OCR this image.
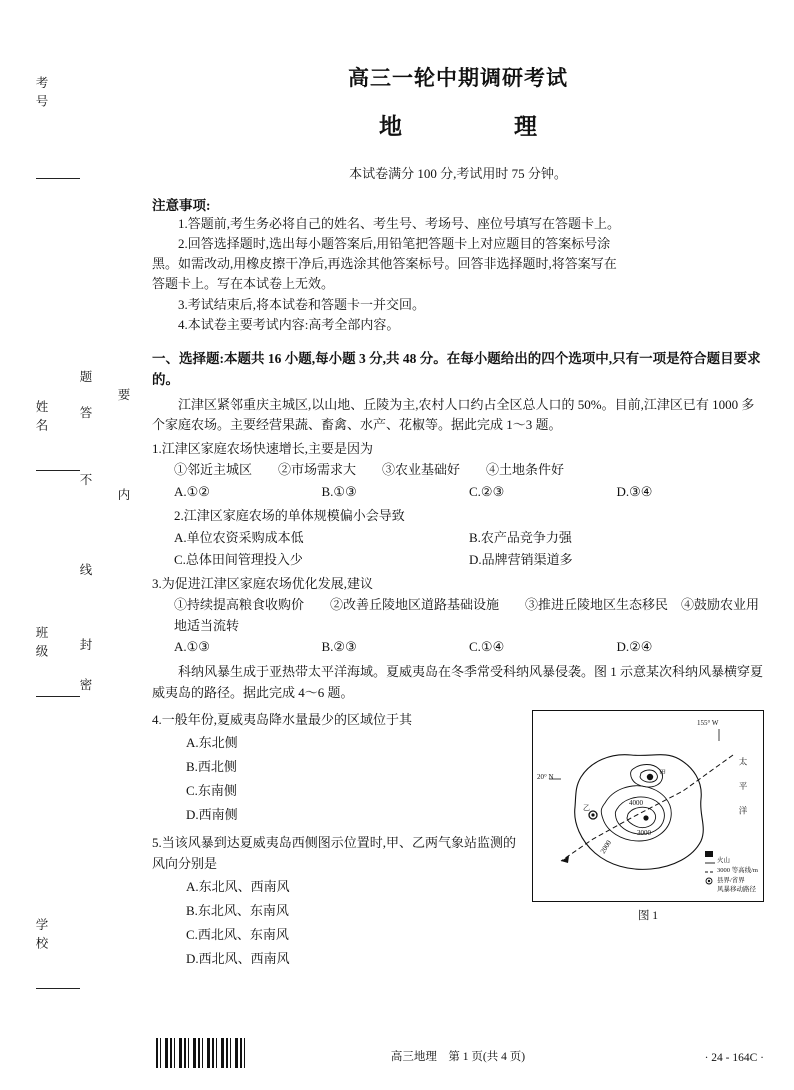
考号
姓名
班级
学校
题
答
不
线
封
密
要
内
高三一轮中期调研考试
地　　理
本试卷满分 100 分,考试用时 75 分钟。
注意事项:
1.答题前,考生务必将自己的姓名、考生号、考场号、座位号填写在答题卡上。
2.回答选择题时,选出每小题答案后,用铅笔把答题卡上对应题目的答案标号涂
黑。如需改动,用橡皮擦干净后,再选涂其他答案标号。回答非选择题时,将答案写在
答题卡上。写在本试卷上无效。
3.考试结束后,将本试卷和答题卡一并交回。
4.本试卷主要考试内容:高考全部内容。
一、选择题:本题共 16 小题,每小题 3 分,共 48 分。在每小题给出的四个选项中,只有一项是符合题目要求的。
江津区紧邻重庆主城区,以山地、丘陵为主,农村人口约占全区总人口的 50%。目前,江津区已有 1000 多个家庭农场。主要经营果蔬、畜禽、水产、花椒等。据此完成 1～3 题。
1.江津区家庭农场快速增长,主要是因为
①邻近主城区　　②市场需求大　　③农业基础好　　④土地条件好
A.①②	B.①③	C.②③	D.③④
2.江津区家庭农场的单体规模偏小会导致
A.单位农资采购成本低	B.农产品竞争力强
C.总体田间管理投入少	D.品牌营销渠道多
3.为促进江津区家庭农场优化发展,建议
①持续提高粮食收购价　　②改善丘陵地区道路基础设施　　③推进丘陵地区生态移民　④鼓励农业用地适当流转
A.①③	B.②③	C.①④	D.②④
科纳风暴生成于亚热带太平洋海域。夏威夷岛在冬季常受科纳风暴侵袭。图 1 示意某次科纳风暴横穿夏威夷岛的路径。据此完成 4～6 题。
4.一般年份,夏威夷岛降水量最少的区域位于其
A.东北侧
B.西北侧
C.东南侧
D.西南侧
5.当该风暴到达夏威夷岛西侧图示位置时,甲、乙两气象站监测的风向分别是
A.东北风、西南风
B.东北风、东南风
C.西北风、东南风
D.西北风、西南风
155° W
20° N	甲
4000
3000
2000
乙	太 平 洋
火山
3000 等高线/m
县界/省界
风暴移动路径
图 1
高三地理　第 1 页(共 4 页)	· 24 - 164C ·
